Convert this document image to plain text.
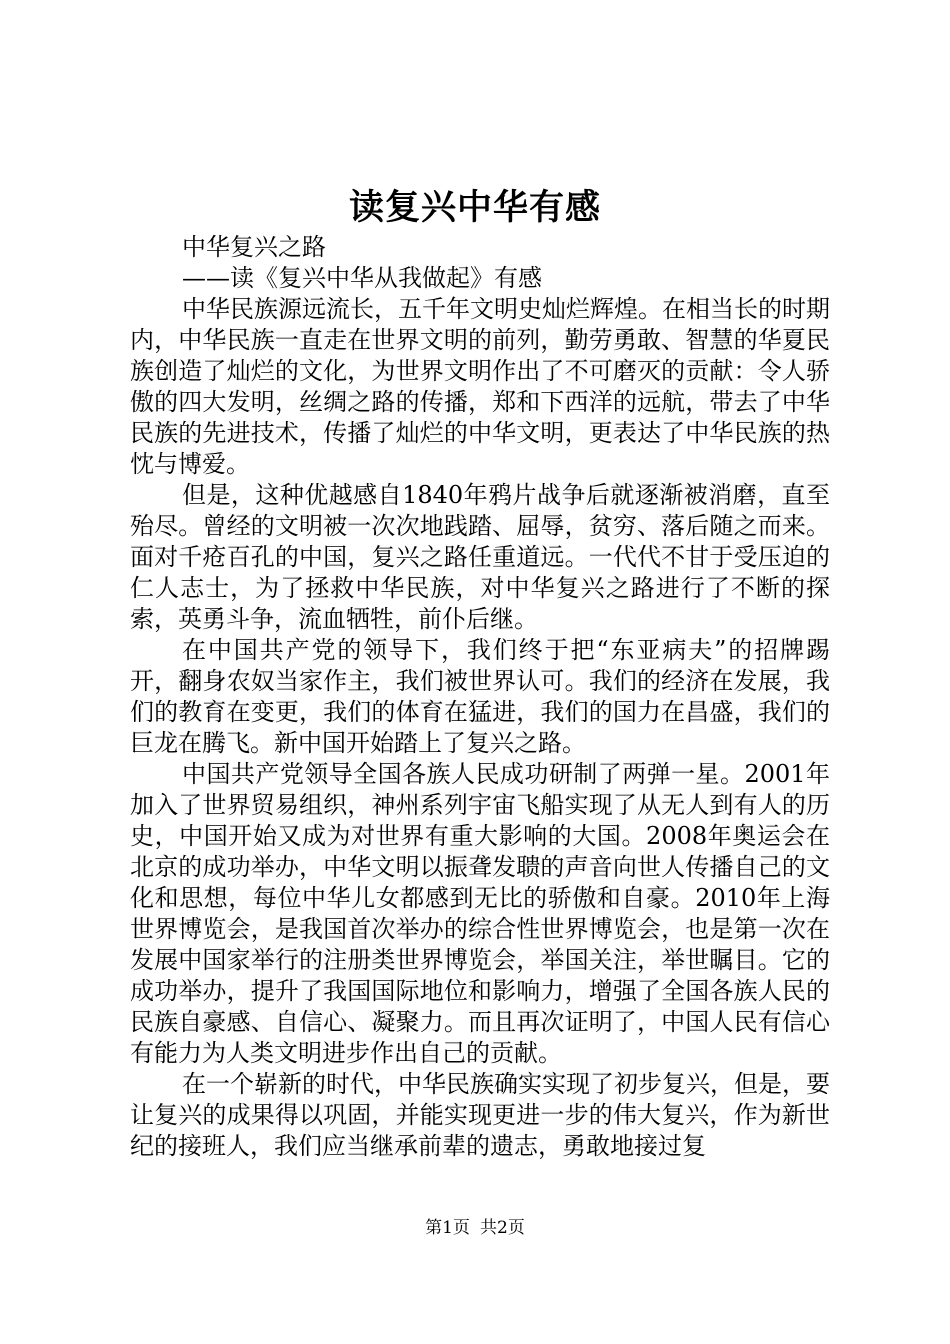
读复兴中华有感

中华复兴之路

——读《复兴中华从我做起》有感

中华民族源远流长，五千年文明史灿烂辉煌。在相当长的时期内，中华民族一直走在世界文明的前列，勤劳勇敢、智慧的华夏民族创造了灿烂的文化，为世界文明作出了不可磨灭的贡献：令人骄傲的四大发明，丝绸之路的传播，郑和下西洋的远航，带去了中华民族的先进技术，传播了灿烂的中华文明，更表达了中华民族的热忱与博爱。

但是，这种优越感自1840年鸦片战争后就逐渐被消磨，直至殆尽。曾经的文明被一次次地践踏、屈辱，贫穷、落后随之而来。面对千疮百孔的中国，复兴之路任重道远。一代代不甘于受压迫的仁人志士，为了拯救中华民族，对中华复兴之路进行了不断的探索，英勇斗争，流血牺牲，前仆后继。

在中国共产党的领导下，我们终于把“东亚病夫”的招牌踢开，翻身农奴当家作主，我们被世界认可。我们的经济在发展，我们的教育在变更，我们的体育在猛进，我们的国力在昌盛，我们的巨龙在腾飞。新中国开始踏上了复兴之路。

中国共产党领导全国各族人民成功研制了两弹一星。2001年加入了世界贸易组织，神州系列宇宙飞船实现了从无人到有人的历史，中国开始又成为对世界有重大影响的大国。2008年奥运会在北京的成功举办，中华文明以振聋发聩的声音向世人传播自己的文化和思想，每位中华儿女都感到无比的骄傲和自豪。2010年上海世界博览会，是我国首次举办的综合性世界博览会，也是第一次在发展中国家举行的注册类世界博览会，举国关注，举世瞩目。它的成功举办，提升了我国国际地位和影响力，增强了全国各族人民的民族自豪感、自信心、凝聚力。而且再次证明了，中国人民有信心有能力为人类文明进步作出自己的贡献。

在一个崭新的时代，中华民族确实实现了初步复兴，但是，要让复兴的成果得以巩固，并能实现更进一步的伟大复兴，作为新世纪的接班人，我们应当继承前辈的遗志，勇敢地接过复

第1页 共2页
